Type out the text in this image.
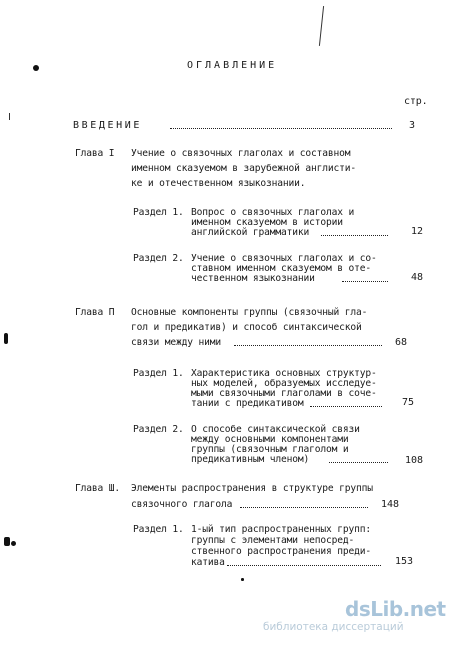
ОГЛАВЛЕНИЕ
стр.
ВВЕДЕНИЕ	3
Глава I Учение о связочных глаголах и составном
именном сказуемом в зарубежной англисти-
ке и отечественном языкознании.
Раздел 1. Вопрос о связочных глаголах и
именном сказуемом в истории
английской грамматики	12
Раздел 2. Учение о связочных глаголах и со-
ставном именном сказуемом в оте-
чественном языкознании	48
Глава П Основные компоненты группы (связочный гла-
гол и предикатив) и способ синтаксической
связи между ними	68
Раздел 1. Характеристика основных структур-
ных моделей, образуемых исследуе-
мыми связочными глаголами в соче-
тании с предикативом	75
Раздел 2. О способе синтаксической связи
между основными компонентами
группы (связочным глаголом и
предикативным членом)	108
Глава Ш. Элементы распространения в структуре группы
связочного глагола	148
Раздел 1. 1-ый тип распространенных групп:
группы с элементами непосред-
ственного распространения преди-
катива	153
dsLib.net
библиотека диссертаций
